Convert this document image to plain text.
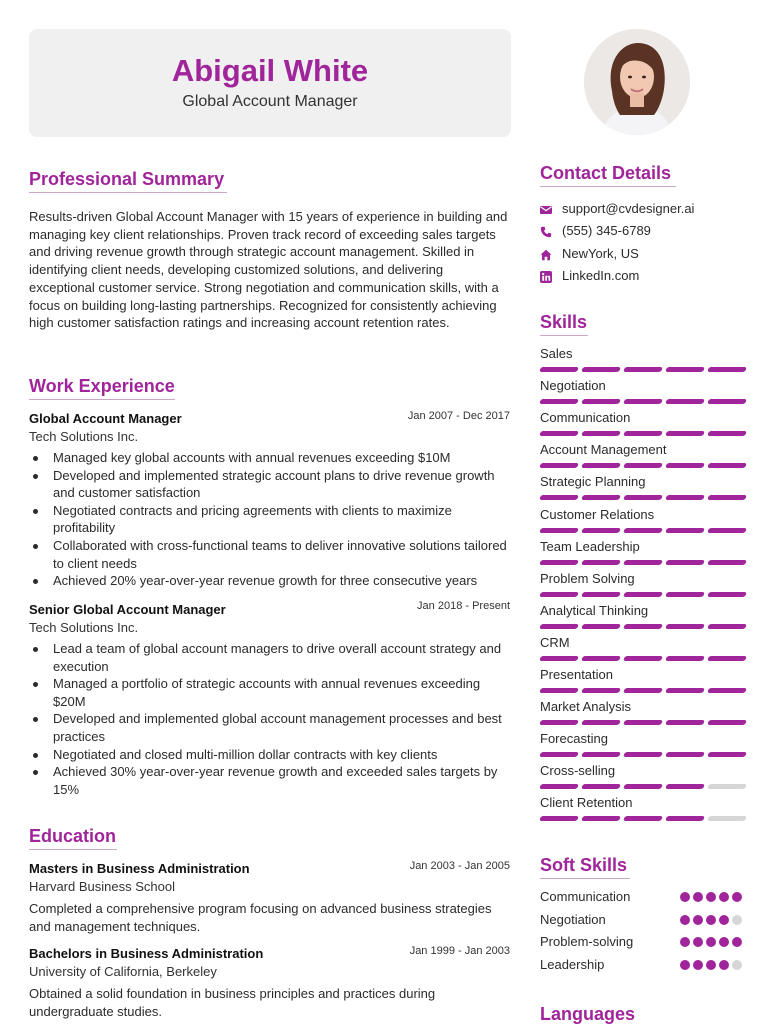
Abigail White
Global Account Manager
Professional Summary
Results-driven Global Account Manager with 15 years of experience in building and managing key client relationships. Proven track record of exceeding sales targets and driving revenue growth through strategic account management. Skilled in identifying client needs, developing customized solutions, and delivering exceptional customer service. Strong negotiation and communication skills, with a focus on building long-lasting partnerships. Recognized for consistently achieving high customer satisfaction ratings and increasing account retention rates.
Work Experience
Global Account Manager	Jan 2007 - Dec 2017
Tech Solutions Inc.
Managed key global accounts with annual revenues exceeding $10M
Developed and implemented strategic account plans to drive revenue growth and customer satisfaction
Negotiated contracts and pricing agreements with clients to maximize profitability
Collaborated with cross-functional teams to deliver innovative solutions tailored to client needs
Achieved 20% year-over-year revenue growth for three consecutive years
Senior Global Account Manager	Jan 2018 - Present
Tech Solutions Inc.
Lead a team of global account managers to drive overall account strategy and execution
Managed a portfolio of strategic accounts with annual revenues exceeding $20M
Developed and implemented global account management processes and best practices
Negotiated and closed multi-million dollar contracts with key clients
Achieved 30% year-over-year revenue growth and exceeded sales targets by 15%
Education
Masters in Business Administration	Jan 2003 - Jan 2005
Harvard Business School
Completed a comprehensive program focusing on advanced business strategies and management techniques.
Bachelors in Business Administration	Jan 1999 - Jan 2003
University of California, Berkeley
Obtained a solid foundation in business principles and practices during undergraduate studies.
Contact Details
support@cvdesigner.ai
(555) 345-6789
NewYork, US
LinkedIn.com
Skills
Sales
Negotiation
Communication
Account Management
Strategic Planning
Customer Relations
Team Leadership
Problem Solving
Analytical Thinking
CRM
Presentation
Market Analysis
Forecasting
Cross-selling
Client Retention
Soft Skills
Communication
Negotiation
Problem-solving
Leadership
Languages
